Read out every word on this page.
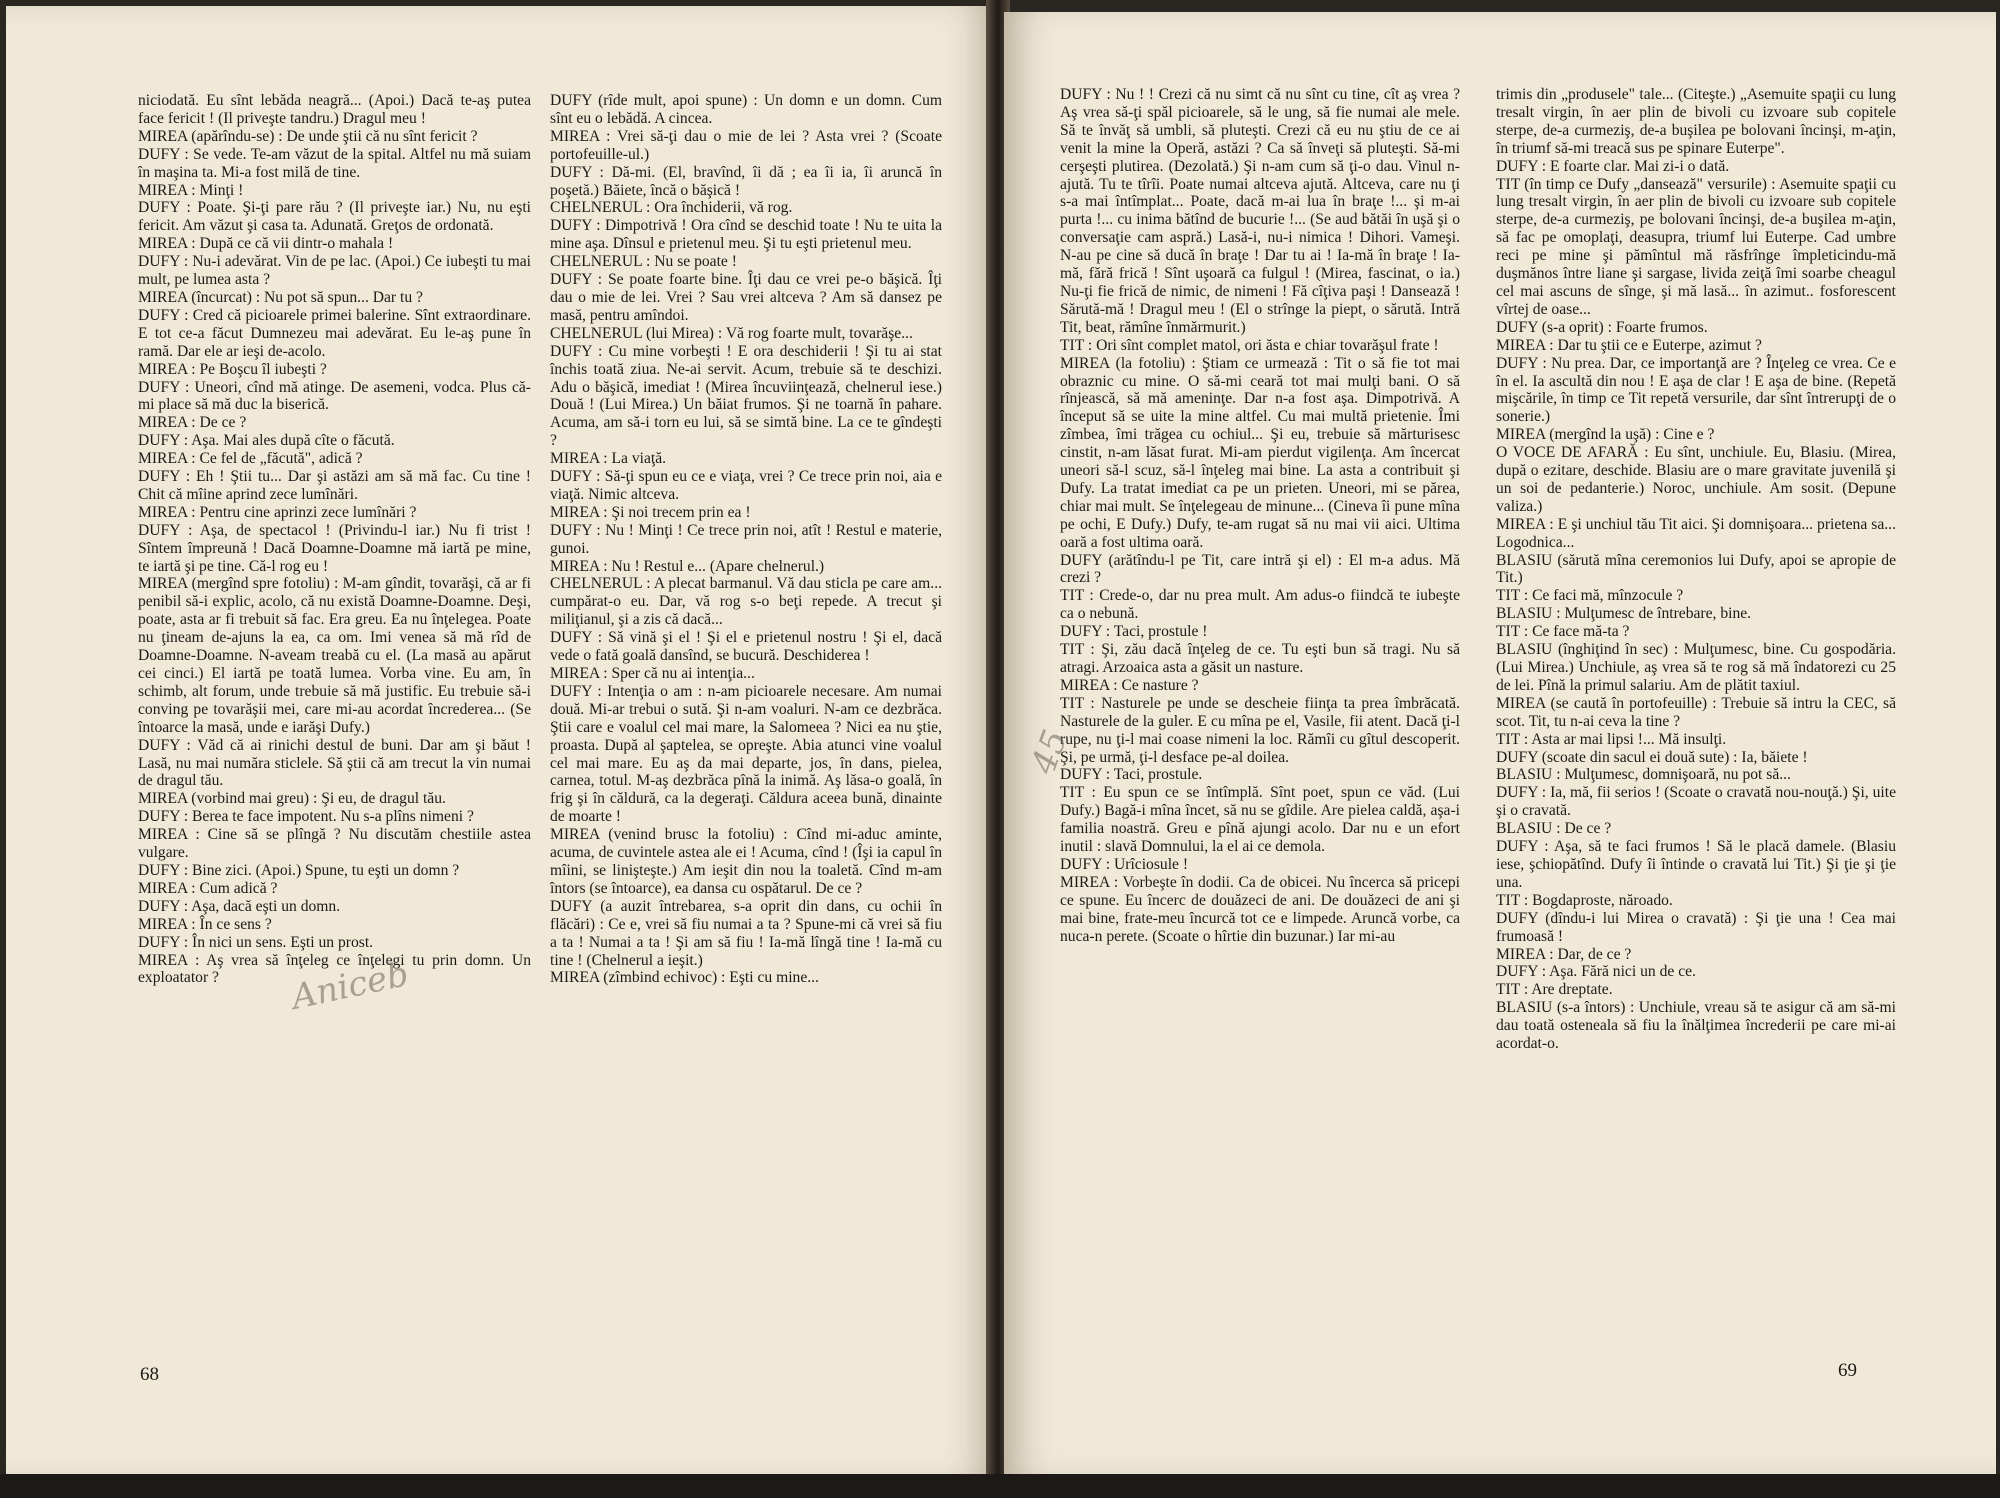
niciodată. Eu sînt lebăda neagră... (Apoi.) Dacă te-aş putea face fericit ! (Il priveşte tandru.) Dragul meu !

MIREA (apărîndu-se) : De unde ştii că nu sînt fericit ?

DUFY : Se vede. Te-am văzut de la spital. Altfel nu mă suiam în maşina ta. Mi-a fost milă de tine.

MIREA : Minţi !

DUFY : Poate. Şi-ţi pare rău ? (Il priveşte iar.) Nu, nu eşti fericit. Am văzut şi casa ta. Adunată. Greţos de ordonată.

MIREA : După ce că vii dintr-o mahala !

DUFY : Nu-i adevărat. Vin de pe lac. (Apoi.) Ce iubeşti tu mai mult, pe lumea asta ?

MIREA (încurcat) : Nu pot să spun... Dar tu ?

DUFY : Cred că picioarele primei balerine. Sînt extraordinare. E tot ce-a făcut Dumnezeu mai adevărat. Eu le-aş pune în ramă. Dar ele ar ieşi de-acolo.

MIREA : Pe Boşcu îl iubeşti ?

DUFY : Uneori, cînd mă atinge. De asemeni, vodca. Plus că-mi place să mă duc la biserică.

MIREA : De ce ?

DUFY : Aşa. Mai ales după cîte o făcută.

MIREA : Ce fel de „făcută", adică ?

DUFY : Eh ! Ştii tu... Dar şi astăzi am să mă fac. Cu tine ! Chit că mîine aprind zece lumînări.

MIREA : Pentru cine aprinzi zece lumînări ?

DUFY : Aşa, de spectacol ! (Privindu-l iar.) Nu fi trist ! Sîntem împreună ! Dacă Doamne-Doamne mă iartă pe mine, te iartă şi pe tine. Că-l rog eu !

MIREA (mergînd spre fotoliu) : M-am gîndit, tovarăşi, că ar fi penibil să-i explic, acolo, că nu există Doamne-Doamne. Deşi, poate, asta ar fi trebuit să fac. Era greu. Ea nu înţelegea. Poate nu ţineam de-ajuns la ea, ca om. Imi venea să mă rîd de Doamne-Doamne. N-aveam treabă cu el. (La masă au apărut cei cinci.) El iartă pe toată lumea. Vorba vine. Eu am, în schimb, alt forum, unde trebuie să mă justific. Eu trebuie să-i conving pe tovarăşii mei, care mi-au acordat încrederea... (Se întoarce la masă, unde e iarăşi Dufy.)

DUFY : Văd că ai rinichi destul de buni. Dar am şi băut ! Lasă, nu mai număra sticlele. Să ştii că am trecut la vin numai de dragul tău.

MIREA (vorbind mai greu) : Şi eu, de dragul tău.

DUFY : Berea te face impotent. Nu s-a plîns nimeni ?

MIREA : Cine să se plîngă ? Nu discutăm chestiile astea vulgare.

DUFY : Bine zici. (Apoi.) Spune, tu eşti un domn ?

MIREA : Cum adică ?

DUFY : Aşa, dacă eşti un domn.

MIREA : În ce sens ?

DUFY : În nici un sens. Eşti un prost.

MIREA : Aş vrea să înţeleg ce înţelegi tu prin domn. Un exploatator ?

DUFY (rîde mult, apoi spune) : Un domn e un domn. Cum sînt eu o lebădă. A cincea.

MIREA : Vrei să-ţi dau o mie de lei ? Asta vrei ? (Scoate portofeuille-ul.)

DUFY : Dă-mi. (El, bravînd, îi dă ; ea îi ia, îi aruncă în poşetă.) Băiete, încă o băşică !

CHELNERUL : Ora închiderii, vă rog.

DUFY : Dimpotrivă ! Ora cînd se deschid toate ! Nu te uita la mine aşa. Dînsul e prietenul meu. Şi tu eşti prietenul meu.

CHELNERUL : Nu se poate !

DUFY : Se poate foarte bine. Îţi dau ce vrei pe-o băşică. Îţi dau o mie de lei. Vrei ? Sau vrei altceva ? Am să dansez pe masă, pentru amîndoi.

CHELNERUL (lui Mirea) : Vă rog foarte mult, tovarăşe...

DUFY : Cu mine vorbeşti ! E ora deschiderii ! Şi tu ai stat închis toată ziua. Ne-ai servit. Acum, trebuie să te deschizi. Adu o băşică, imediat ! (Mirea încuviinţează, chelnerul iese.) Două ! (Lui Mirea.) Un băiat frumos. Şi ne toarnă în pahare. Acuma, am să-i torn eu lui, să se simtă bine. La ce te gîndeşti ?

MIREA : La viaţă.

DUFY : Să-ţi spun eu ce e viaţa, vrei ? Ce trece prin noi, aia e viaţă. Nimic altceva.

MIREA : Şi noi trecem prin ea !

DUFY : Nu ! Minţi ! Ce trece prin noi, atît ! Restul e materie, gunoi.

MIREA : Nu ! Restul e... (Apare chelnerul.)

CHELNERUL : A plecat barmanul. Vă dau sticla pe care am... cumpărat-o eu. Dar, vă rog s-o beţi repede. A trecut şi miliţianul, şi a zis că dacă...

DUFY : Să vină şi el ! Şi el e prietenul nostru ! Şi el, dacă vede o fată goală dansînd, se bucură. Deschiderea !

MIREA : Sper că nu ai intenţia...

DUFY : Intenţia o am : n-am picioarele necesare. Am numai două. Mi-ar trebui o sută. Şi n-am voaluri. N-am ce dezbrăca. Ştii care e voalul cel mai mare, la Salomeea ? Nici ea nu ştie, proasta. După al şaptelea, se opreşte. Abia atunci vine voalul cel mai mare. Eu aş da mai departe, jos, în dans, pielea, carnea, totul. M-aş dezbrăca pînă la inimă. Aş lăsa-o goală, în frig şi în căldură, ca la degeraţi. Căldura aceea bună, dinainte de moarte !

MIREA (venind brusc la fotoliu) : Cînd mi-aduc aminte, acuma, de cuvintele astea ale ei ! Acuma, cînd ! (Îşi ia capul în mîini, se linişteşte.) Am ieşit din nou la toaletă. Cînd m-am întors (se întoarce), ea dansa cu ospătarul. De ce ?

DUFY (a auzit întrebarea, s-a oprit din dans, cu ochii în flăcări) : Ce e, vrei să fiu numai a ta ? Spune-mi că vrei să fiu a ta ! Numai a ta ! Şi am să fiu ! Ia-mă lîngă tine ! Ia-mă cu tine ! (Chelnerul a ieşit.)

MIREA (zîmbind echivoc) : Eşti cu mine...

Aniceb
68

DUFY : Nu ! ! Crezi că nu simt că nu sînt cu tine, cît aş vrea ? Aş vrea să-ţi spăl picioarele, să le ung, să fie numai ale mele. Să te învăţ să umbli, să pluteşti. Crezi că eu nu ştiu de ce ai venit la mine la Operă, astăzi ? Ca să înveţi să pluteşti. Să-mi cerşeşti plutirea. (Dezolată.) Şi n-am cum să ţi-o dau. Vinul n-ajută. Tu te tîrîi. Poate numai altceva ajută. Altceva, care nu ţi s-a mai întîmplat... Poate, dacă m-ai lua în braţe !... şi m-ai purta !... cu inima bătînd de bucurie !... (Se aud bătăi în uşă şi o conversaţie cam aspră.) Lasă-i, nu-i nimica ! Dihori. Vameşi. N-au pe cine să ducă în braţe ! Dar tu ai ! Ia-mă în braţe ! Ia-mă, fără frică ! Sînt uşoară ca fulgul ! (Mirea, fascinat, o ia.) Nu-ţi fie frică de nimic, de nimeni ! Fă cîţiva paşi ! Dansează ! Sărută-mă ! Dragul meu ! (El o strînge la piept, o sărută. Intră Tit, beat, rămîne înmărmurit.)

TIT : Ori sînt complet matol, ori ăsta e chiar tovarăşul frate !

MIREA (la fotoliu) : Ştiam ce urmează : Tit o să fie tot mai obraznic cu mine. O să-mi ceară tot mai mulţi bani. O să rînjească, să mă ameninţe. Dar n-a fost aşa. Dimpotrivă. A început să se uite la mine altfel. Cu mai multă prietenie. Îmi zîmbea, îmi trăgea cu ochiul... Şi eu, trebuie să mărturisesc cinstit, n-am lăsat furat. Mi-am pierdut vigilenţa. Am încercat uneori să-l scuz, să-l înţeleg mai bine. La asta a contribuit şi Dufy. La tratat imediat ca pe un prieten. Uneori, mi se părea, chiar mai mult. Se înţelegeau de minune... (Cineva îi pune mîna pe ochi, E Dufy.) Dufy, te-am rugat să nu mai vii aici. Ultima oară a fost ultima oară.

DUFY (arătîndu-l pe Tit, care intră şi el) : El m-a adus. Mă crezi ?

TIT : Crede-o, dar nu prea mult. Am adus-o fiindcă te iubeşte ca o nebună.

DUFY : Taci, prostule !

TIT : Şi, zău dacă înţeleg de ce. Tu eşti bun să tragi. Nu să atragi. Arzoaica asta a găsit un nasture.

MIREA : Ce nasture ?

TIT : Nasturele pe unde se descheie fiinţa ta prea îmbrăcată. Nasturele de la guler. E cu mîna pe el, Vasile, fii atent. Dacă ţi-l rupe, nu ţi-l mai coase nimeni la loc. Rămîi cu gîtul descoperit. Şi, pe urmă, ţi-l desface pe-al doilea.

DUFY : Taci, prostule.

TIT : Eu spun ce se întîmplă. Sînt poet, spun ce văd. (Lui Dufy.) Bagă-i mîna încet, să nu se gîdile. Are pielea caldă, aşa-i familia noastră. Greu e pînă ajungi acolo. Dar nu e un efort inutil : slavă Domnului, la el ai ce demola.

DUFY : Urîciosule !

MIREA : Vorbeşte în dodii. Ca de obicei. Nu încerca să pricepi ce spune. Eu încerc de douăzeci de ani. De douăzeci de ani şi mai bine, frate-meu încurcă tot ce e limpede. Aruncă vorbe, ca nuca-n perete. (Scoate o hîrtie din buzunar.) Iar mi-au

trimis din „produsele" tale... (Citeşte.) „Asemuite spaţii cu lung tresalt virgin, în aer plin de bivoli cu izvoare sub copitele sterpe, de-a curmeziş, de-a buşilea pe bolovani încinşi, m-aţin, în triumf să-mi treacă sus pe spinare Euterpe".

DUFY : E foarte clar. Mai zi-i o dată.

TIT (în timp ce Dufy „dansează" versurile) : Asemuite spaţii cu lung tresalt virgin, în aer plin de bivoli cu izvoare sub copitele sterpe, de-a curmeziş, pe bolovani încinşi, de-a buşilea m-aţin, să fac pe omoplaţi, deasupra, triumf lui Euterpe. Cad umbre reci pe mine şi pămîntul mă răsfrînge împleticindu-mă duşmănos între liane şi sargase, livida zeiţă îmi soarbe cheagul cel mai ascuns de sînge, şi mă lasă... în azimut.. fosforescent vîrtej de oase...

DUFY (s-a oprit) : Foarte frumos.

MIREA : Dar tu ştii ce e Euterpe, azimut ?

DUFY : Nu prea. Dar, ce importanţă are ? Înţeleg ce vrea. Ce e în el. Ia ascultă din nou ! E aşa de clar ! E aşa de bine. (Repetă mişcările, în timp ce Tit repetă versurile, dar sînt întrerupţi de o sonerie.)

MIREA (mergînd la uşă) : Cine e ?

O VOCE DE AFARĂ : Eu sînt, unchiule. Eu, Blasiu. (Mirea, după o ezitare, deschide. Blasiu are o mare gravitate juvenilă şi un soi de pedanterie.) Noroc, unchiule. Am sosit. (Depune valiza.)

MIREA : E şi unchiul tău Tit aici. Şi domnişoara... prietena sa... Logodnica...

BLASIU (sărută mîna ceremonios lui Dufy, apoi se apropie de Tit.)

TIT : Ce faci mă, mînzocule ?

BLASIU : Mulţumesc de întrebare, bine.

TIT : Ce face mă-ta ?

BLASIU (înghiţind în sec) : Mulţumesc, bine. Cu gospodăria. (Lui Mirea.) Unchiule, aş vrea să te rog să mă îndatorezi cu 25 de lei. Pînă la primul salariu. Am de plătit taxiul.

MIREA (se caută în portofeuille) : Trebuie să intru la CEC, să scot. Tit, tu n-ai ceva la tine ?

TIT : Asta ar mai lipsi !... Mă insulţi.

DUFY (scoate din sacul ei două sute) : Ia, băiete !

BLASIU : Mulţumesc, domnişoară, nu pot să...

DUFY : Ia, mă, fii serios ! (Scoate o cravată nou-nouţă.) Şi, uite şi o cravată.

BLASIU : De ce ?

DUFY : Aşa, să te faci frumos ! Să le placă damele. (Blasiu iese, şchiopătînd. Dufy îi întinde o cravată lui Tit.) Şi ţie şi ţie una.

TIT : Bogdaproste, năroado.

DUFY (dîndu-i lui Mirea o cravată) : Şi ţie una ! Cea mai frumoasă !

MIREA : Dar, de ce ?

DUFY : Aşa. Fără nici un de ce.

TIT : Are dreptate.

BLASIU (s-a întors) : Unchiule, vreau să te asigur că am să-mi dau toată osteneala să fiu la înălţimea încrederii pe care mi-ai acordat-o.

45
69
